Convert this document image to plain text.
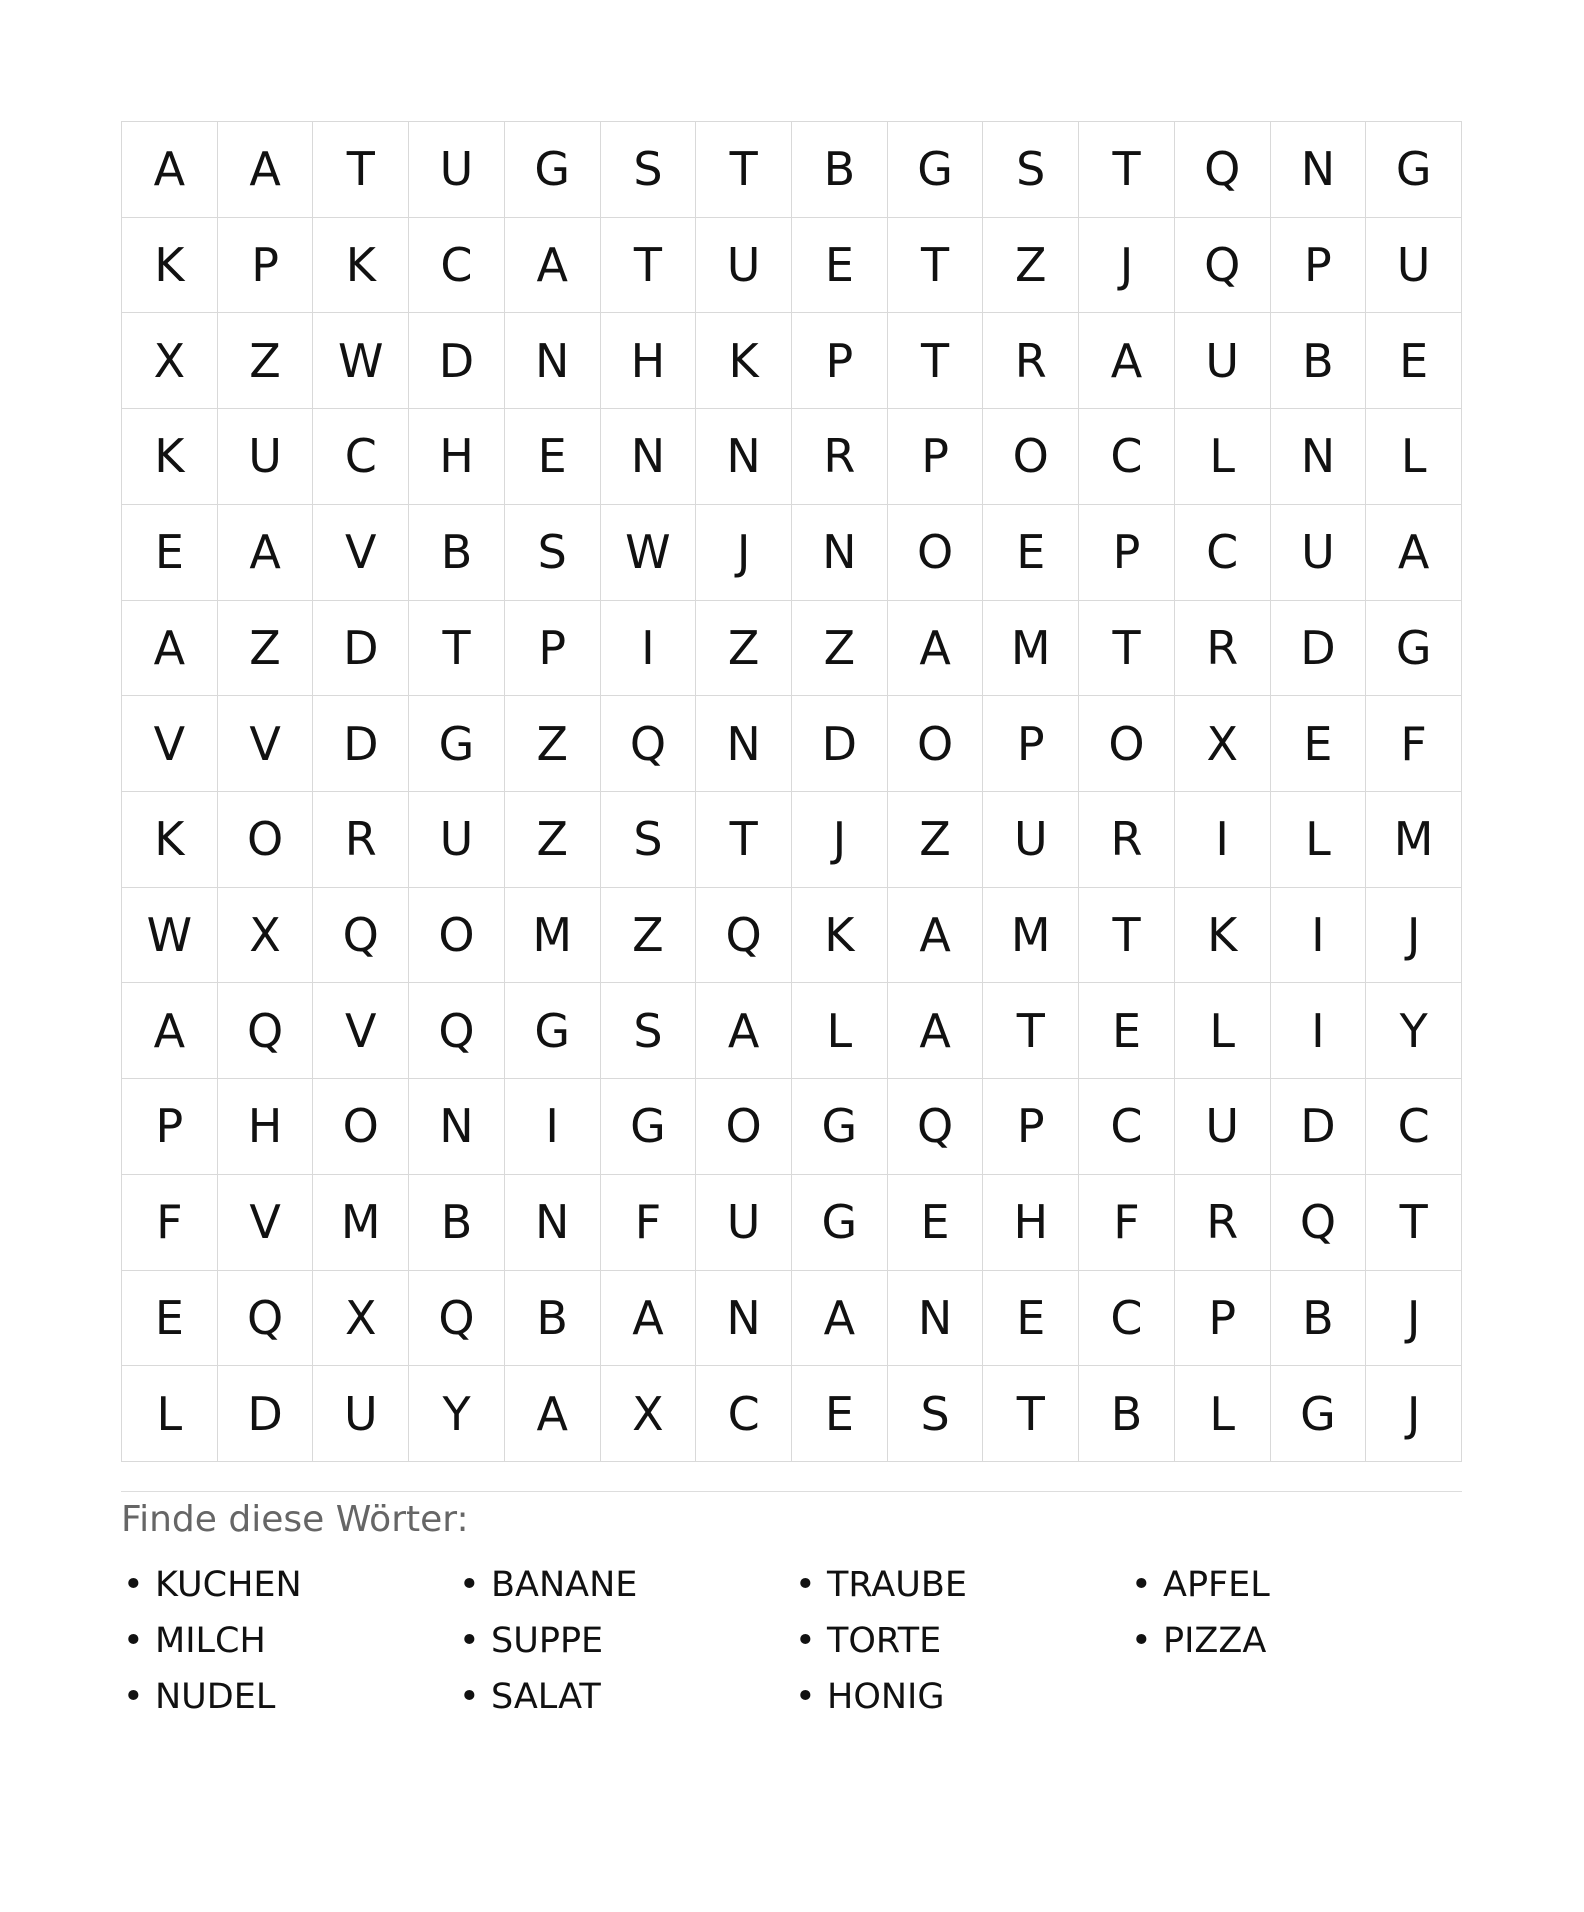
A	A	T	U	G	S	T	B	G	S	T	Q	N	G
K	P	K	C	A	T	U	E	T	Z	J	Q	P	U
X	Z	W	D	N	H	K	P	T	R	A	U	B	E
K	U	C	H	E	N	N	R	P	O	C	L	N	L
E	A	V	B	S	W	J	N	O	E	P	C	U	A
A	Z	D	T	P	I	Z	Z	A	M	T	R	D	G
V	V	D	G	Z	Q	N	D	O	P	O	X	E	F
K	O	R	U	Z	S	T	J	Z	U	R	I	L	M
W	X	Q	O	M	Z	Q	K	A	M	T	K	I	J
A	Q	V	Q	G	S	A	L	A	T	E	L	I	Y
P	H	O	N	I	G	O	G	Q	P	C	U	D	C
F	V	M	B	N	F	U	G	E	H	F	R	Q	T
E	Q	X	Q	B	A	N	A	N	E	C	P	B	J
L	D	U	Y	A	X	C	E	S	T	B	L	G	J
Finde diese Wörter:
• KUCHEN
• MILCH
• NUDEL
• BANANE
• SUPPE
• SALAT
• TRAUBE
• TORTE
• HONIG
• APFEL
• PIZZA
